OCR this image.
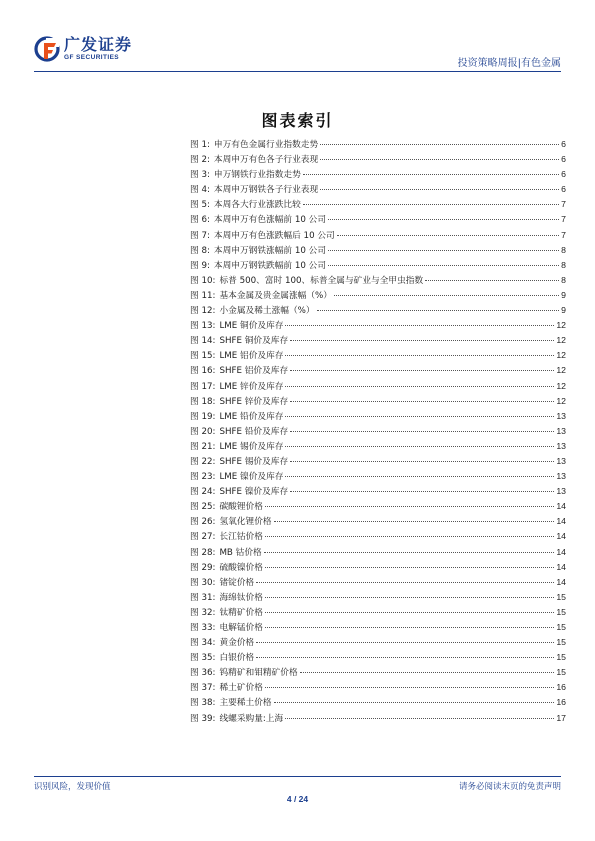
广发证券
GF SECURITIES
投资策略周报|有色金属
图表索引
图 1: 申万有色金属行业指数走势	6
图 2: 本周申万有色各子行业表现	6
图 3: 申万钢铁行业指数走势	6
图 4: 本周申万钢铁各子行业表现	6
图 5: 本周各大行业涨跌比较	7
图 6: 本周申万有色涨幅前 10 公司	7
图 7: 本周申万有色涨跌幅后 10 公司	7
图 8: 本周申万钢铁涨幅前 10 公司	8
图 9: 本周申万钢铁跌幅前 10 公司	8
图 10: 标普 500、富时 100、标普全属与矿业与全甲虫指数	8
图 11: 基本金属及贵金属涨幅（%）	9
图 12: 小金属及稀土涨幅（%）	9
图 13: LME 铜价及库存	12
图 14: SHFE 铜价及库存	12
图 15: LME 铝价及库存	12
图 16: SHFE 铝价及库存	12
图 17: LME 锌价及库存	12
图 18: SHFE 锌价及库存	12
图 19: LME 铅价及库存	13
图 20: SHFE 铅价及库存	13
图 21: LME 锡价及库存	13
图 22: SHFE 锡价及库存	13
图 23: LME 镍价及库存	13
图 24: SHFE 镍价及库存	13
图 25: 碳酸锂价格	14
图 26: 氢氧化锂价格	14
图 27: 长江钴价格	14
图 28: MB 钴价格	14
图 29: 硫酸镍价格	14
图 30: 锗锭价格	14
图 31: 海绵钛价格	15
图 32: 钛精矿价格	15
图 33: 电解锰价格	15
图 34: 黄金价格	15
图 35: 白银价格	15
图 36: 钨精矿和钼精矿价格	15
图 37: 稀土矿价格	16
图 38: 主要稀土价格	16
图 39: 线螺采购量:上海	17
识别风险，发现价值	请务必阅读末页的免责声明
4 / 24
